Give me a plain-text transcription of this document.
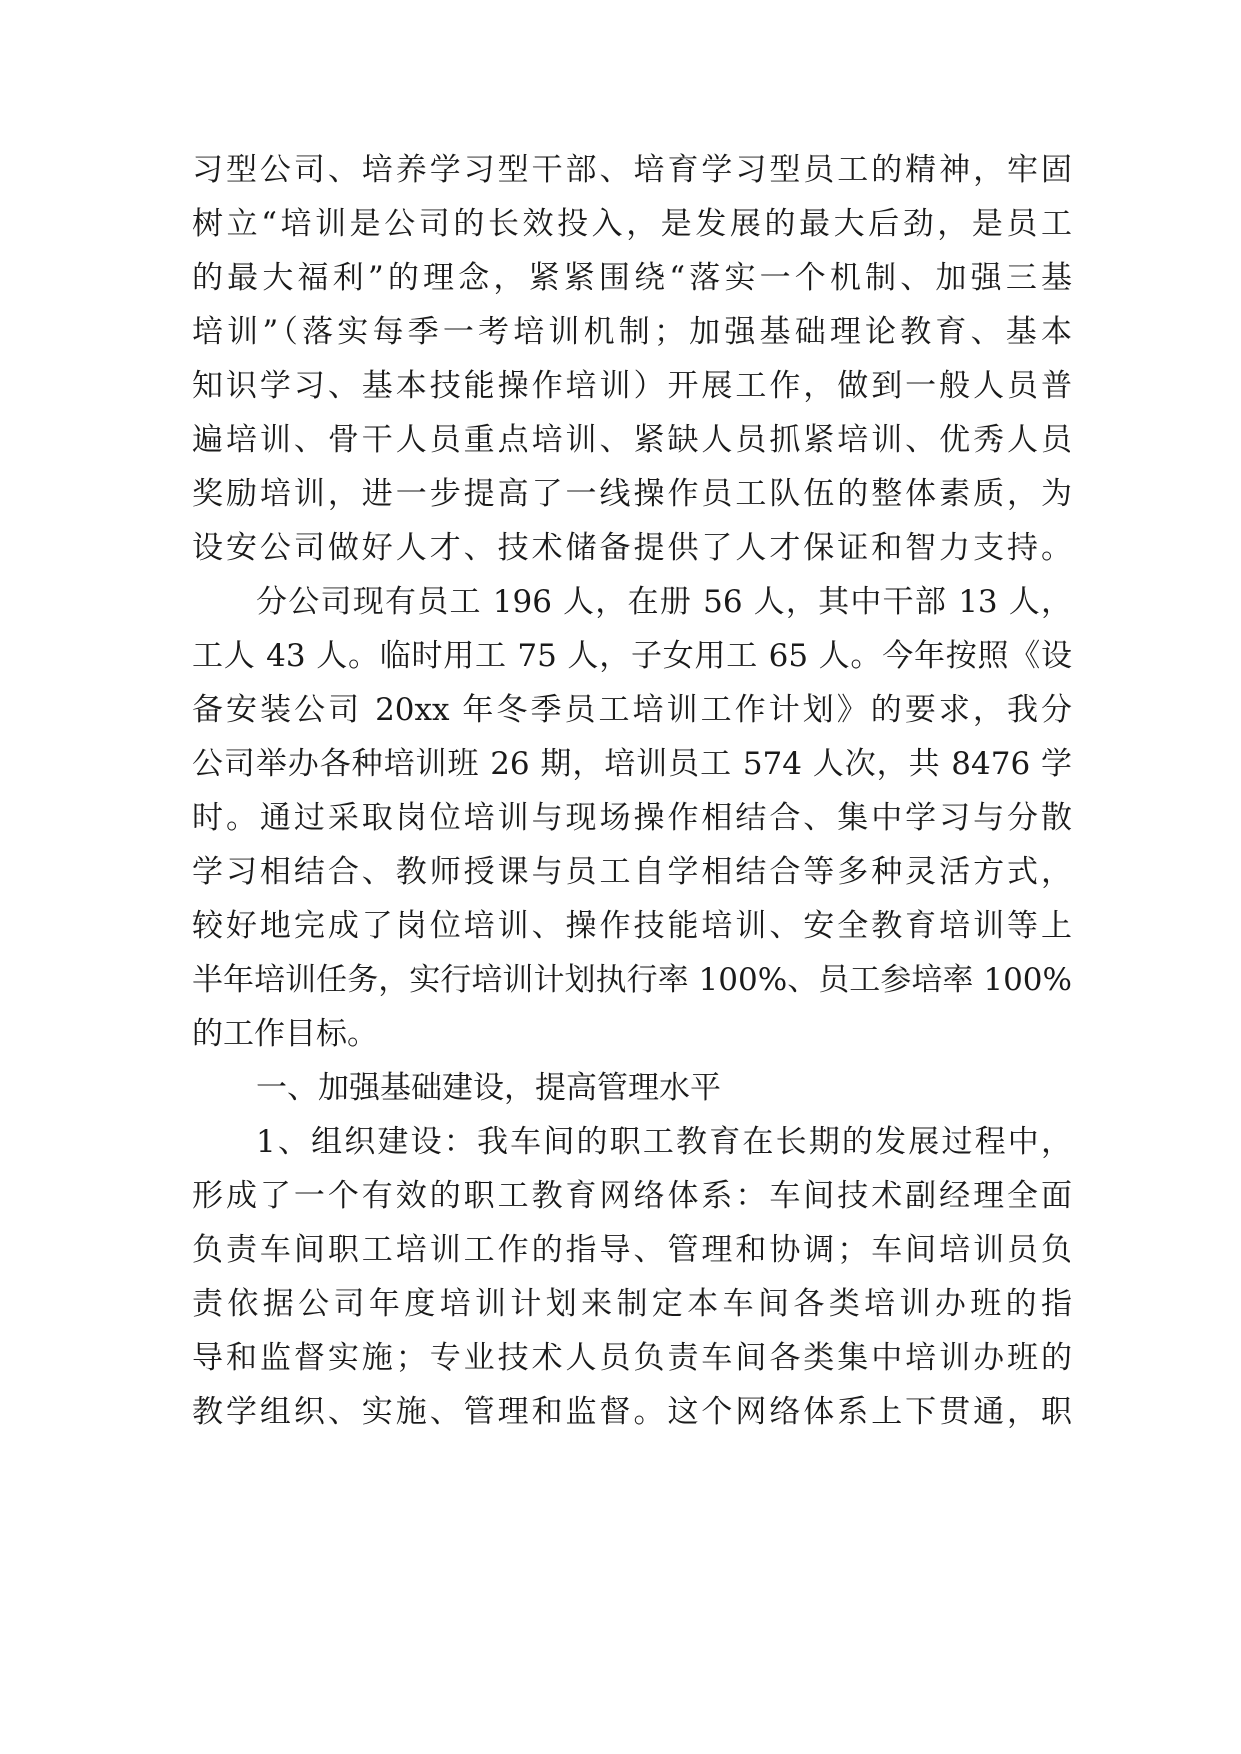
习型公司、培养学习型干部、培育学习型员工的精神，牢固
树立“培训是公司的长效投入，是发展的最大后劲，是员工
的最大福利”的理念，紧紧围绕“落实一个机制、加强三基
培训”（落实每季一考培训机制；加强基础理论教育、基本
知识学习、基本技能操作培训）开展工作，做到一般人员普
遍培训、骨干人员重点培训、紧缺人员抓紧培训、优秀人员
奖励培训，进一步提高了一线操作员工队伍的整体素质，为
设安公司做好人才、技术储备提供了人才保证和智力支持。
分公司现有员工 196 人，在册 56 人，其中干部 13 人，
工人 43 人。临时用工 75 人，子女用工 65 人。今年按照《设
备安装公司 20xx 年冬季员工培训工作计划》的要求，我分
公司举办各种培训班 26 期，培训员工 574 人次，共 8476 学
时。通过采取岗位培训与现场操作相结合、集中学习与分散
学习相结合、教师授课与员工自学相结合等多种灵活方式，
较好地完成了岗位培训、操作技能培训、安全教育培训等上
半年培训任务，实行培训计划执行率 100%、员工参培率 100%
的工作目标。
一、加强基础建设，提高管理水平
1、组织建设：我车间的职工教育在长期的发展过程中，
形成了一个有效的职工教育网络体系：车间技术副经理全面
负责车间职工培训工作的指导、管理和协调；车间培训员负
责依据公司年度培训计划来制定本车间各类培训办班的指
导和监督实施；专业技术人员负责车间各类集中培训办班的
教学组织、实施、管理和监督。这个网络体系上下贯通，职
